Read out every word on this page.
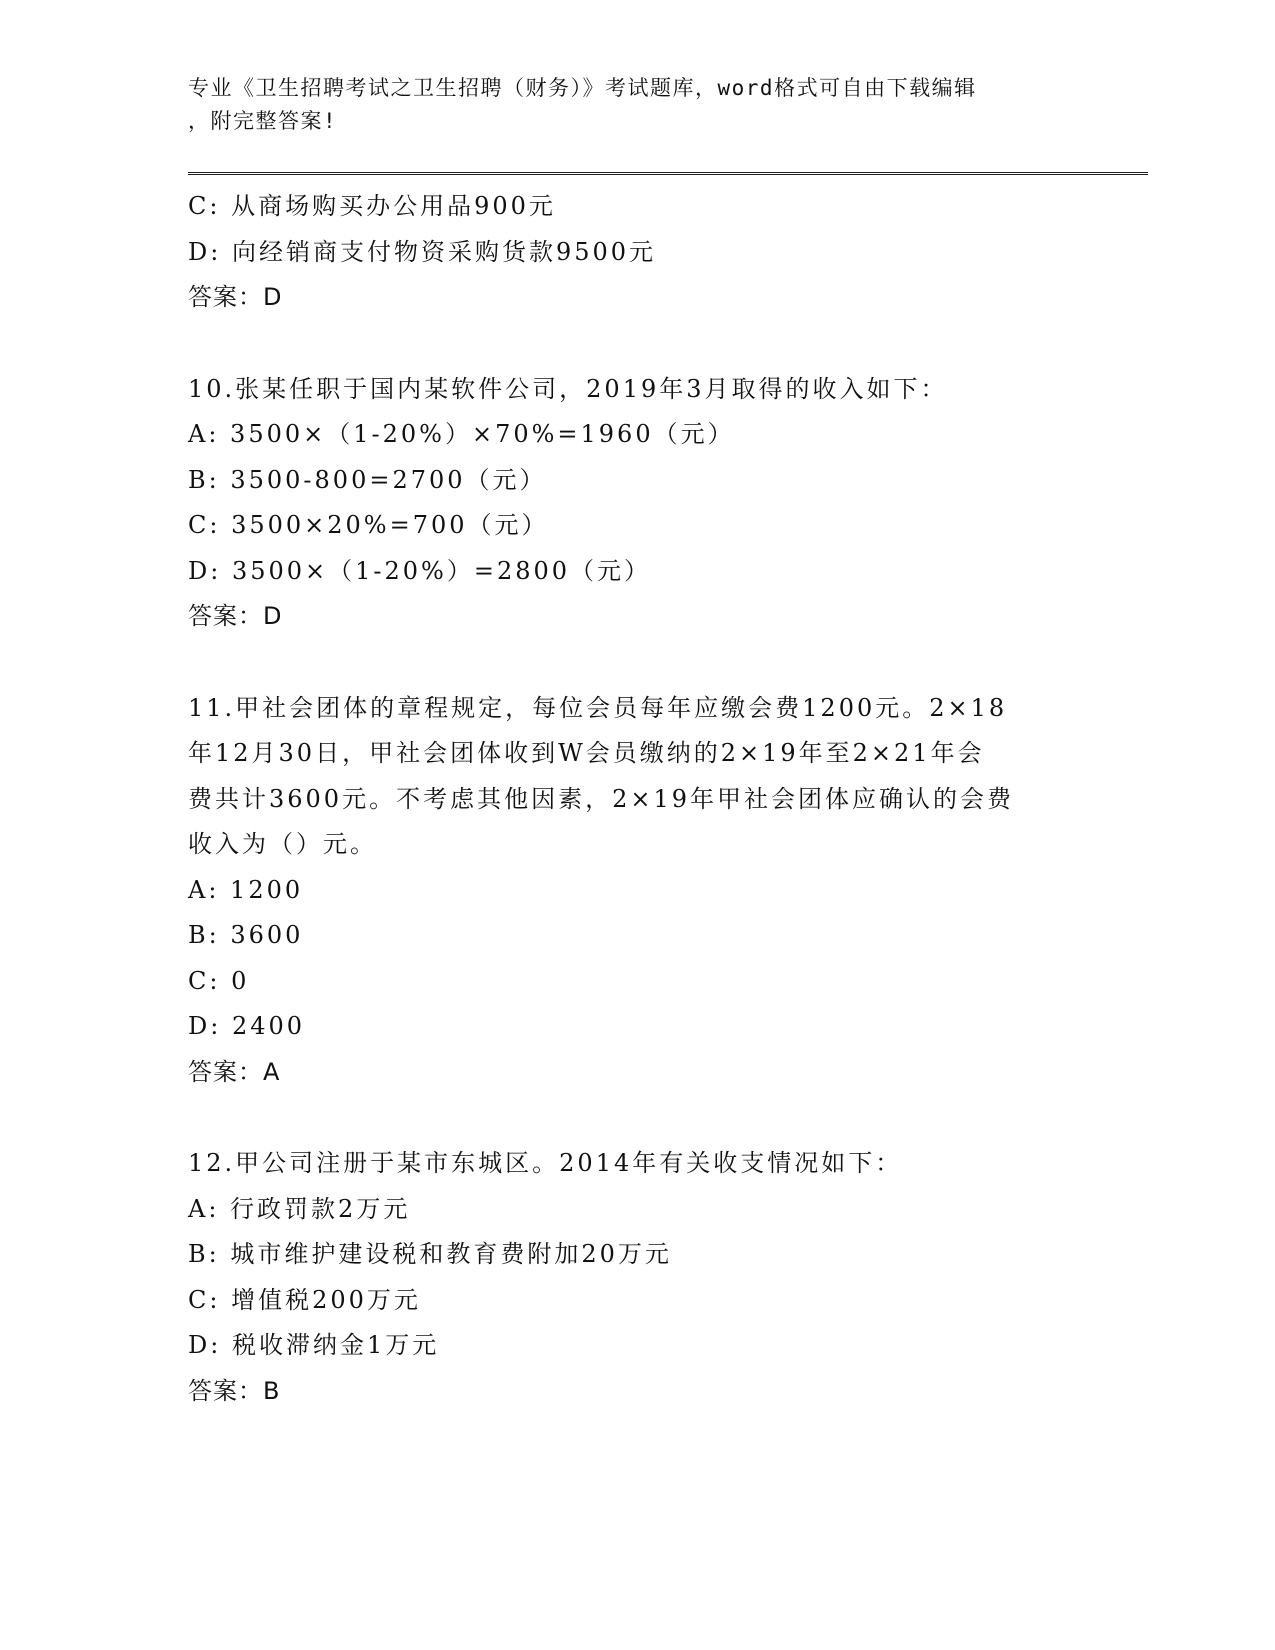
专业《卫生招聘考试之卫生招聘（财务）》考试题库，word格式可自由下载编辑
，附完整答案!

C: 从商场购买办公用品900元

D: 向经销商支付物资采购货款9500元

答案：D

10.张某任职于国内某软件公司，2019年3月取得的收入如下：

A: 3500×（1-20%）×70%=1960（元）

B: 3500-800=2700（元）

C: 3500×20%=700（元）

D: 3500×（1-20%）=2800（元）

答案：D

11.甲社会团体的章程规定，每位会员每年应缴会费1200元。2×18

年12月30日，甲社会团体收到W会员缴纳的2×19年至2×21年会

费共计3600元。不考虑其他因素，2×19年甲社会团体应确认的会费

收入为（）元。

A: 1200

B: 3600

C: 0

D: 2400

答案：A

12.甲公司注册于某市东城区。2014年有关收支情况如下：

A: 行政罚款2万元

B: 城市维护建设税和教育费附加20万元

C: 增值税200万元

D: 税收滞纳金1万元

答案：B
